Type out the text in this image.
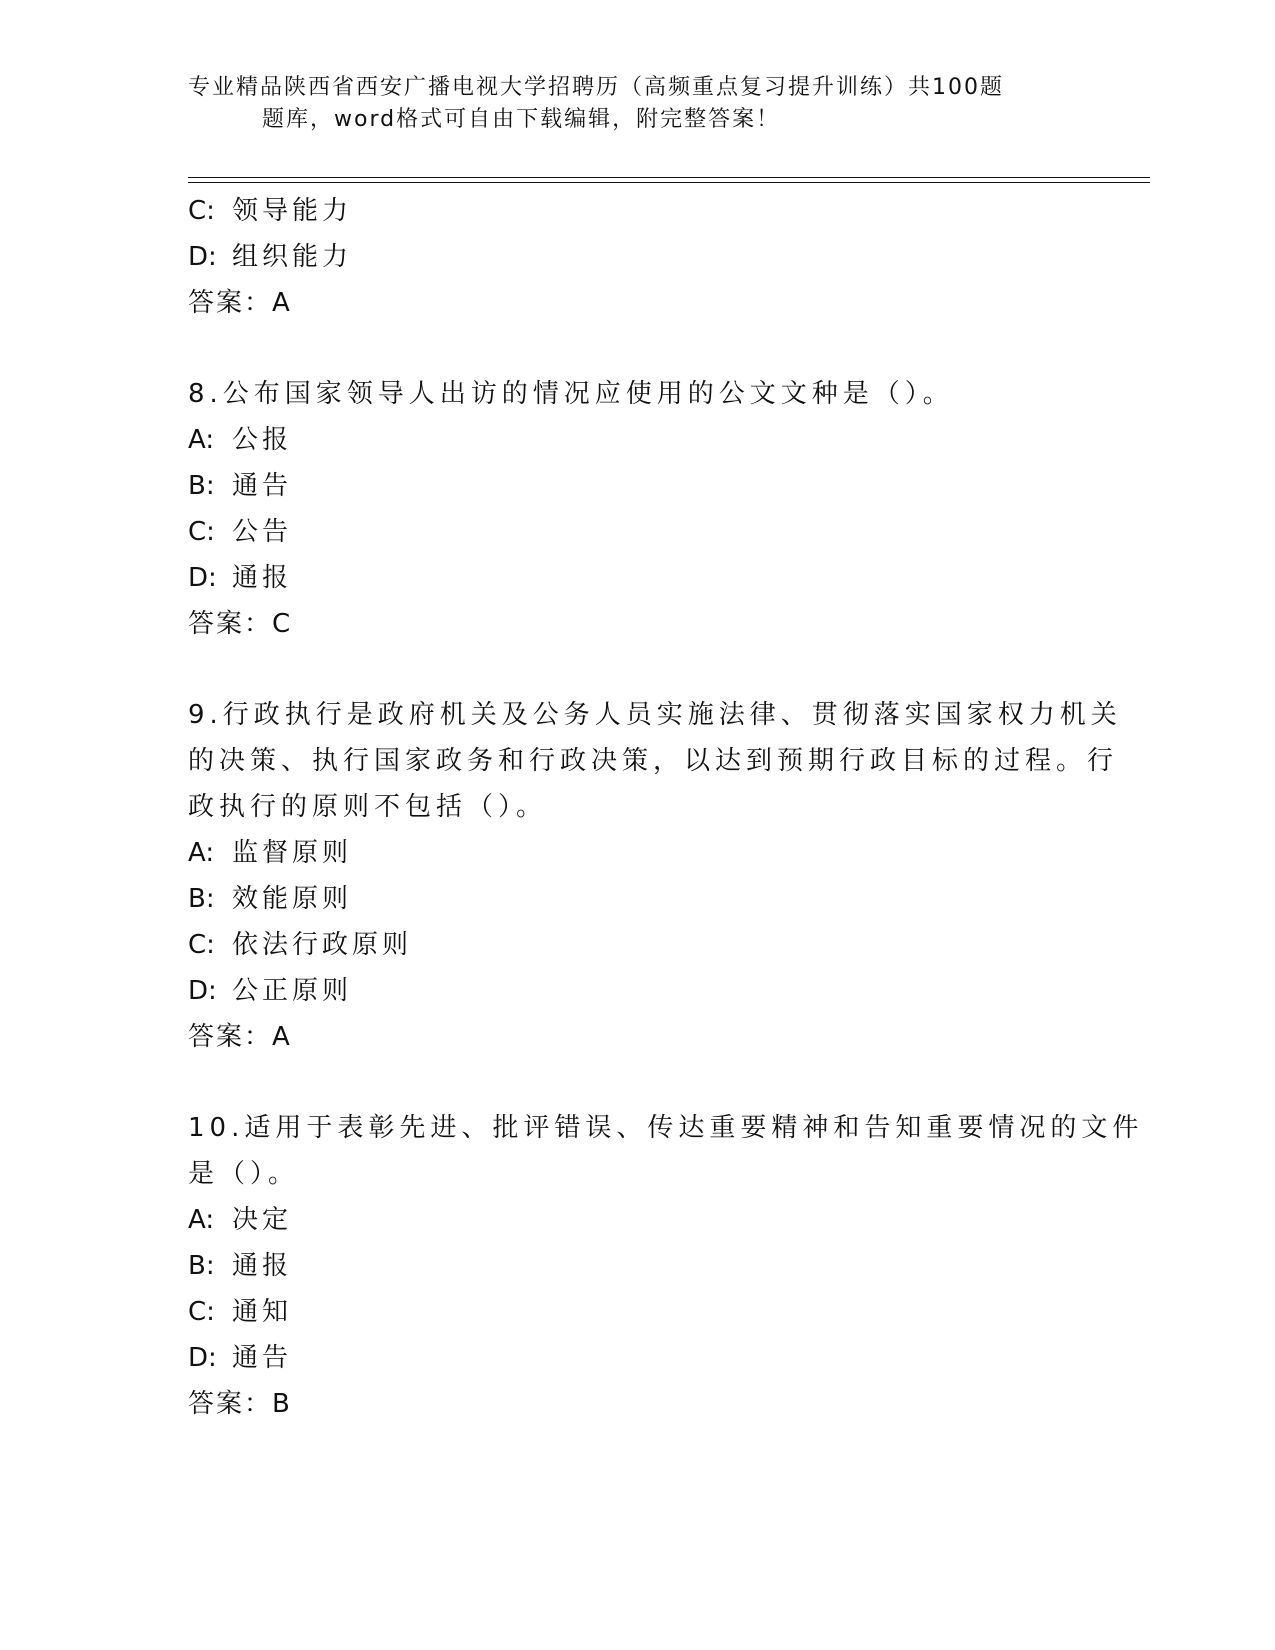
专业精品陕西省西安广播电视大学招聘历（高频重点复习提升训练）共100题
题库，word格式可自由下载编辑，附完整答案！
C: 领导能力
D: 组织能力
答案：A
8.公布国家领导人出访的情况应使用的公文文种是（）。
A: 公报
B: 通告
C: 公告
D: 通报
答案：C
9.行政执行是政府机关及公务人员实施法律、贯彻落实国家权力机关
的决策、执行国家政务和行政决策，以达到预期行政目标的过程。行
政执行的原则不包括（）。
A: 监督原则
B: 效能原则
C: 依法行政原则
D: 公正原则
答案：A
10.适用于表彰先进、批评错误、传达重要精神和告知重要情况的文件
是（）。
A: 决定
B: 通报
C: 通知
D: 通告
答案：B
